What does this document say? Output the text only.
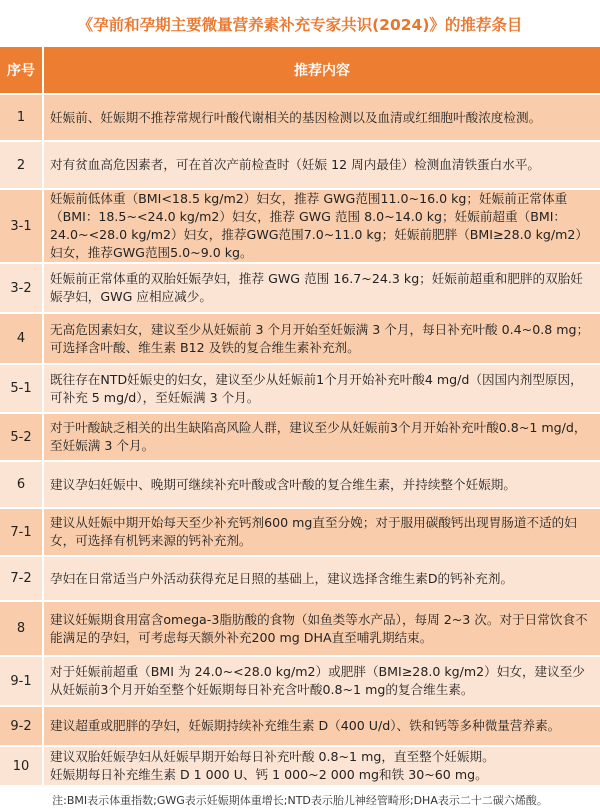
《孕前和孕期主要微量营养素补充专家共识(2024)》的推荐条目
序号	推荐内容
1	妊娠前、妊娠期不推荐常规行叶酸代谢相关的基因检测以及血清或红细胞叶酸浓度检测。
2	对有贫血高危因素者，可在首次产前检查时（妊娠 12 周内最佳）检测血清铁蛋白水平。
3-1	妊娠前低体重（BMI<18.5 kg/m2）妇女，推荐 GWG范围11.0~16.0 kg；妊娠前正常体重（BMI：18.5~<24.0 kg/m2）妇女，推荐 GWG 范围 8.0~14.0 kg；妊娠前超重（BMI：24.0~<28.0 kg/m2）妇女，推荐GWG范围7.0~11.0 kg；妊娠前肥胖（BMI≥28.0 kg/m2）妇女，推荐GWG范围5.0~9.0 kg。
3-2	妊娠前正常体重的双胎妊娠孕妇，推荐 GWG 范围 16.7~24.3 kg；妊娠前超重和肥胖的双胎妊娠孕妇，GWG 应相应减少。
4	无高危因素妇女，建议至少从妊娠前 3 个月开始至妊娠满 3 个月，每日补充叶酸 0.4~0.8 mg；可选择含叶酸、维生素 B12 及铁的复合维生素补充剂。
5-1	既往存在NTD妊娠史的妇女，建议至少从妊娠前1个月开始补充叶酸4 mg/d（因国内剂型原因，可补充 5 mg/d），至妊娠满 3 个月。
5-2	对于叶酸缺乏相关的出生缺陷高风险人群，建议至少从妊娠前3个月开始补充叶酸0.8~1 mg/d，至妊娠满 3 个月。
6	建议孕妇妊娠中、晚期可继续补充叶酸或含叶酸的复合维生素，并持续整个妊娠期。
7-1	建议从妊娠中期开始每天至少补充钙剂600 mg直至分娩；对于服用碳酸钙出现胃肠道不适的妇女，可选择有机钙来源的钙补充剂。
7-2	孕妇在日常适当户外活动获得充足日照的基础上，建议选择含维生素D的钙补充剂。
8	建议妊娠期食用富含omega-3脂肪酸的食物（如鱼类等水产品），每周 2~3 次。对于日常饮食不能满足的孕妇，可考虑每天额外补充200 mg DHA直至哺乳期结束。
9-1	对于妊娠前超重（BMI 为 24.0~<28.0 kg/m2）或肥胖（BMI≥28.0 kg/m2）妇女，建议至少从妊娠前3个月开始至整个妊娠期每日补充含叶酸0.8~1 mg的复合维生素。
9-2	建议超重或肥胖的孕妇，妊娠期持续补充维生素 D（400 U/d）、铁和钙等多种微量营养素。
10	建议双胎妊娠孕妇从妊娠早期开始每日补充叶酸 0.8~1 mg，直至整个妊娠期。
妊娠期每日补充维生素 D 1 000 U、钙 1 000~2 000 mg和铁 30~60 mg。
注:BMI表示体重指数;GWG表示妊娠期体重增长;NTD表示胎儿神经管畸形;DHA表示二十二碳六烯酸。
